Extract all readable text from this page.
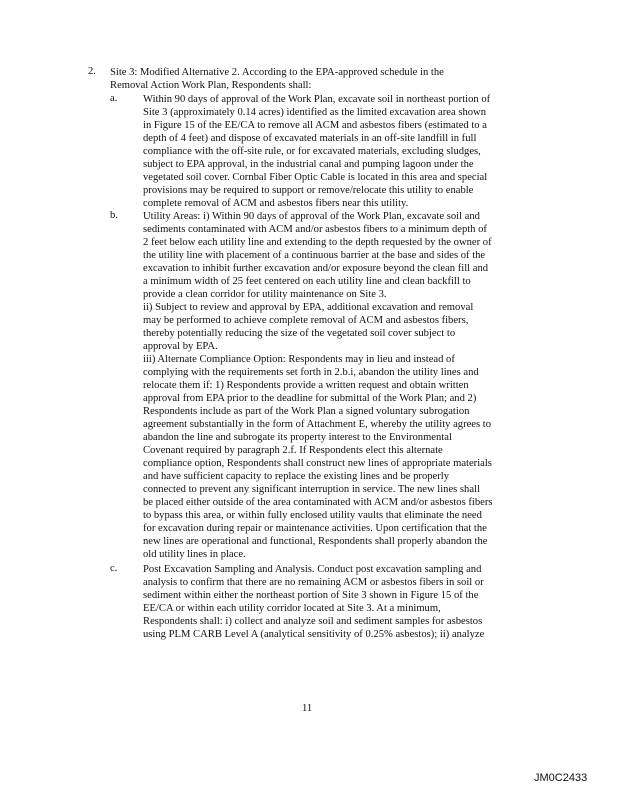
2. Site 3: Modified Alternative 2. According to the EPA-approved schedule in the
Removal Action Work Plan, Respondents shall:
a. Within 90 days of approval of the Work Plan, excavate soil in northeast portion of
Site 3 (approximately 0.14 acres) identified as the limited excavation area shown
in Figure 15 of the EE/CA to remove all ACM and asbestos fibers (estimated to a
depth of 4 feet) and dispose of excavated materials in an off-site landfill in full
compliance with the off-site rule, or for excavated materials, excluding sludges,
subject to EPA approval, in the industrial canal and pumping lagoon under the
vegetated soil cover. Cornbal Fiber Optic Cable is located in this area and special
provisions may be required to support or remove/relocate this utility to enable
complete removal of ACM and asbestos fibers near this utility.
b. Utility Areas: i) Within 90 days of approval of the Work Plan, excavate soil and
sediments contaminated with ACM and/or asbestos fibers to a minimum depth of
2 feet below each utility line and extending to the depth requested by the owner of
the utility line with placement of a continuous barrier at the base and sides of the
excavation to inhibit further excavation and/or exposure beyond the clean fill and
a minimum width of 25 feet centered on each utility line and clean backfill to
provide a clean corridor for utility maintenance on Site 3.
ii) Subject to review and approval by EPA, additional excavation and removal
may be performed to achieve complete removal of ACM and asbestos fibers,
thereby potentially reducing the size of the vegetated soil cover subject to
approval by EPA.
iii) Alternate Compliance Option: Respondents may in lieu and instead of
complying with the requirements set forth in 2.b.i, abandon the utility lines and
relocate them if: 1) Respondents provide a written request and obtain written
approval from EPA prior to the deadline for submittal of the Work Plan; and 2)
Respondents include as part of the Work Plan a signed voluntary subrogation
agreement substantially in the form of Attachment E, whereby the utility agrees to
abandon the line and subrogate its property interest to the Environmental
Covenant required by paragraph 2.f. If Respondents elect this alternate
compliance option, Respondents shall construct new lines of appropriate materials
and have sufficient capacity to replace the existing lines and be properly
connected to prevent any significant interruption in service. The new lines shall
be placed either outside of the area contaminated with ACM and/or asbestos fibers
to bypass this area, or within fully enclosed utility vaults that eliminate the need
for excavation during repair or maintenance activities. Upon certification that the
new lines are operational and functional, Respondents shall properly abandon the
old utility lines in place.
c. Post Excavation Sampling and Analysis. Conduct post excavation sampling and
analysis to confirm that there are no remaining ACM or asbestos fibers in soil or
sediment within either the northeast portion of Site 3 shown in Figure 15 of the
EE/CA or within each utility corridor located at Site 3. At a minimum,
Respondents shall: i) collect and analyze soil and sediment samples for asbestos
using PLM CARB Level A (analytical sensitivity of 0.25% asbestos); ii) analyze
11
JM0C2433
